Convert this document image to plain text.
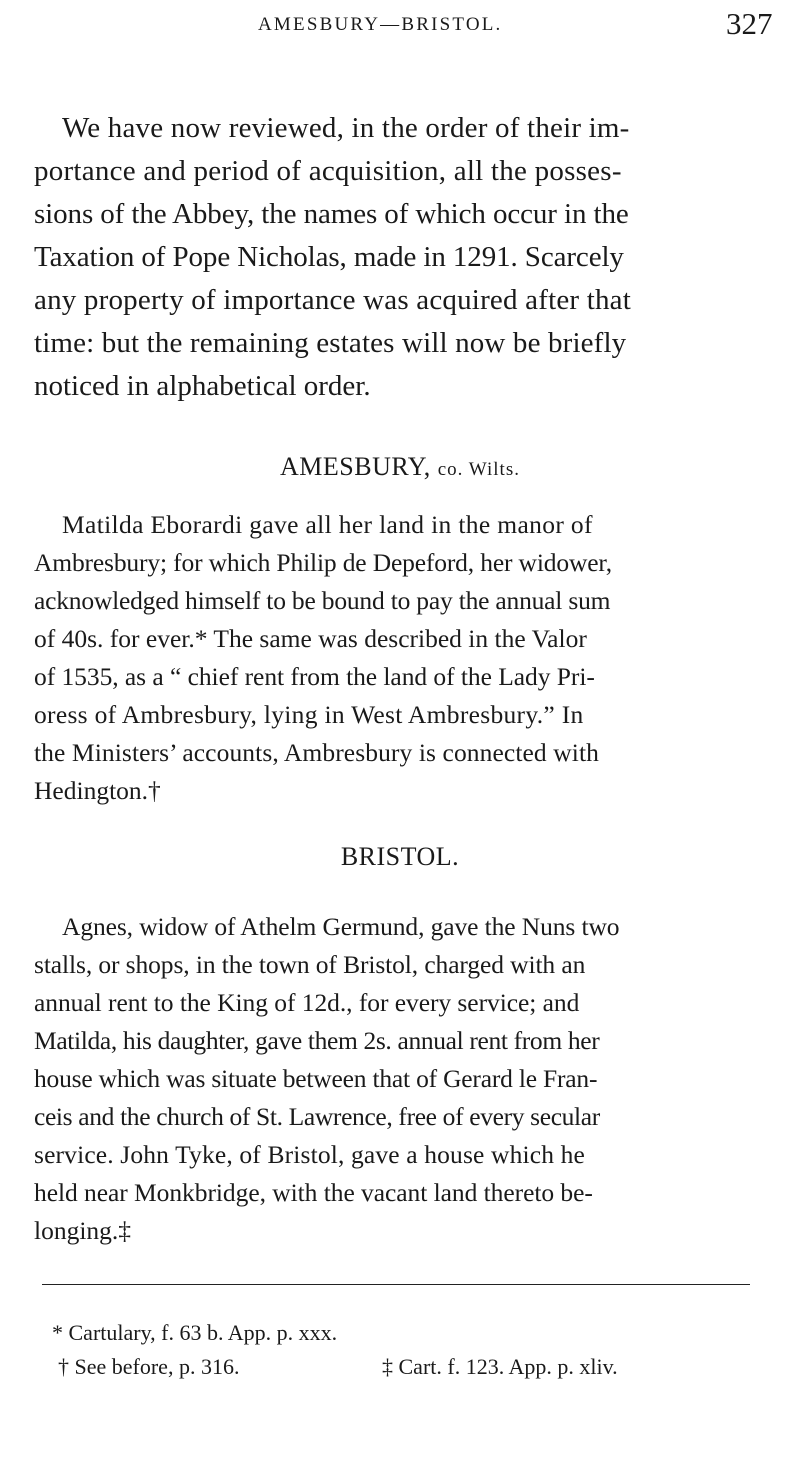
AMESBURY—BRISTOL.	327
We have now reviewed, in the order of their im-
portance and period of acquisition, all the posses-
sions of the Abbey, the names of which occur in the
Taxation of Pope Nicholas, made in 1291. Scarcely
any property of importance was acquired after that
time: but the remaining estates will now be briefly
noticed in alphabetical order.
AMESBURY, co. Wilts.
Matilda Eborardi gave all her land in the manor of
Ambresbury; for which Philip de Depeford, her widower,
acknowledged himself to be bound to pay the annual sum
of 40s. for ever.* The same was described in the Valor
of 1535, as a “ chief rent from the land of the Lady Pri-
oress of Ambresbury, lying in West Ambresbury.” In
the Ministers’ accounts, Ambresbury is connected with
Hedington.†
BRISTOL.
Agnes, widow of Athelm Germund, gave the Nuns two
stalls, or shops, in the town of Bristol, charged with an
annual rent to the King of 12d., for every service; and
Matilda, his daughter, gave them 2s. annual rent from her
house which was situate between that of Gerard le Fran-
ceis and the church of St. Lawrence, free of every secular
service. John Tyke, of Bristol, gave a house which he
held near Monkbridge, with the vacant land thereto be-
longing.‡
* Cartulary, f. 63 b. App. p. xxx.
† See before, p. 316.	‡ Cart. f. 123. App. p. xliv.
